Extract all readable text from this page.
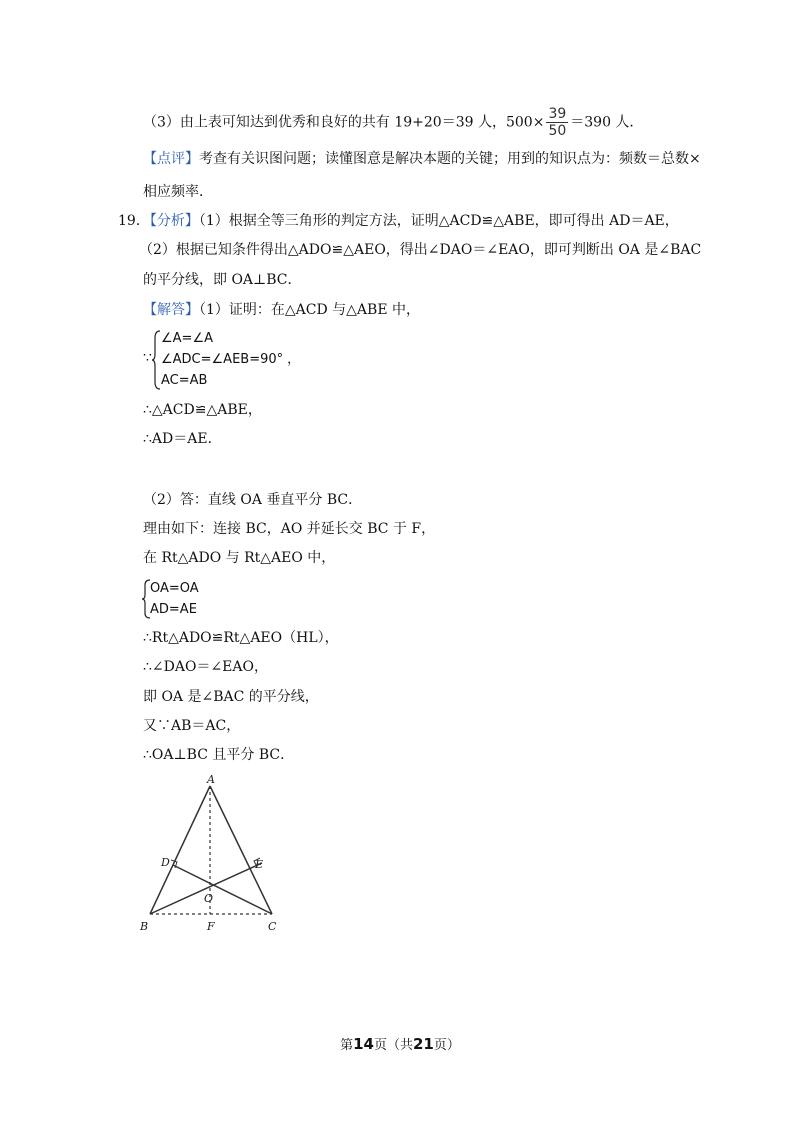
（3）由上表可知达到优秀和良好的共有 19+20＝39 人，$500\times \frac{39}{50} =390$ 人．
【点评】考查有关识图问题；读懂图意是解决本题的关键；用到的知识点为：频数＝总数×
相应频率．
19．【分析】（1）根据全等三角形的判定方法，证明△ACD≌△ABE，即可得出 AD＝AE，
（2）根据已知条件得出△ADO≌△AEO，得出∠DAO＝∠EAO，即可判断出 OA 是∠BAC
的平分线，即 OA⊥BC．
【解答】（1）证明：在△ACD 与△ABE 中，
∵
∠A=∠A
∠ADC=∠AEB=90° ，
AC=AB
∴△ACD≌△ABE，
∴AD＝AE．
（2）答：直线 OA 垂直平分 BC．
理由如下：连接 BC，AO 并延长交 BC 于 F，
在 Rt△ADO 与 Rt△AEO 中，
OA=OA
AD=AE
∴Rt△ADO≌Rt△AEO（HL），
∴∠DAO＝∠EAO，
即 OA 是∠BAC 的平分线，
又∵AB＝AC，
∴OA⊥BC 且平分 BC．
A
B	C
D	E
O
F
第14页（共21页）
